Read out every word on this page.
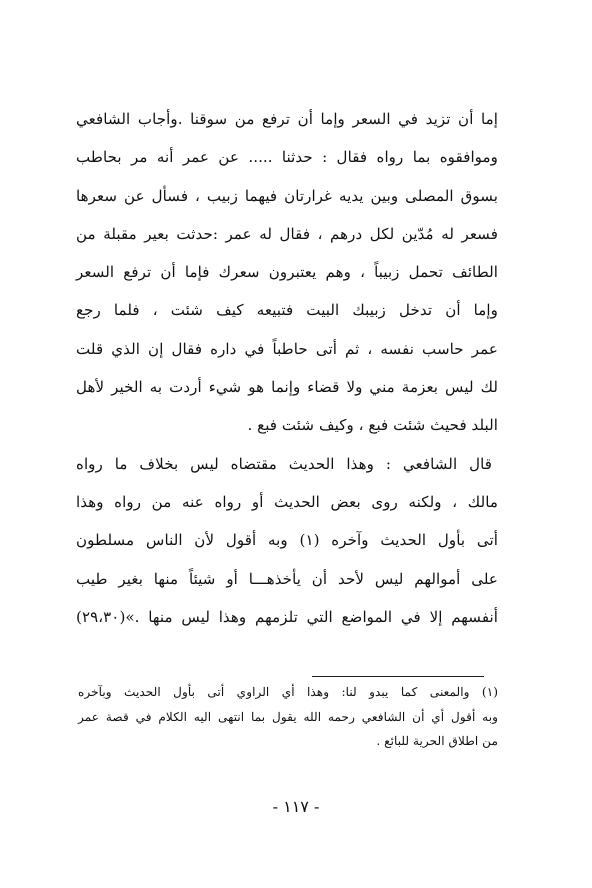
إما أن تزيد في السعر وإما أن ترفع من سوقنا .وأجاب الشافعي
وموافقوه بما رواه فقال : حدثنا ..... عن عمر أنه مر بحاطب
بسوق المصلى وبين يديه غرارتان فيهما زبيب ، فسأل عن سعرها
فسعر له مُدّين لكل درهم ، فقال له عمر :حدثت بعير مقبلة من
الطائف تحمل زبيباً ، وهم يعتبرون سعرك فإما أن ترفع السعر
وإما أن تدخل زبيبك البيت فتبيعه كيف شئت ، فلما رجع
عمر حاسب نفسه ، ثم أتى حاطباً في داره فقال إن الذي قلت
لك ليس بعزمة مني ولا قضاء وإنما هو شيء أردت به الخير لأهل
البلد فحيث شئت فبع ، وكيف شئت فبع .
قال الشافعي : وهذا الحديث مقتضاه ليس بخلاف ما رواه
مالك ، ولكنه روى بعض الحديث أو رواه عنه من رواه وهذا
أتى بأول الحديث وآخره (١) وبه أقول لأن الناس مسلطون
على أموالهم ليس لأحد أن يأخذهـــا أو شيئاً منها بغير طيب
أنفسهم إلا في المواضع التي تلزمهم وهذا ليس منها .»(٢٩،٣٠)
(١) والمعنى كما يبدو لنا: وهذا أي الراوي أتى بأول الحديث وبآخره
وبه أقول أي أن الشافعي رحمه الله يقول بما انتهى اليه الكلام في قصة عمر
من اطلاق الحرية للبائع .
- ١١٧ -
